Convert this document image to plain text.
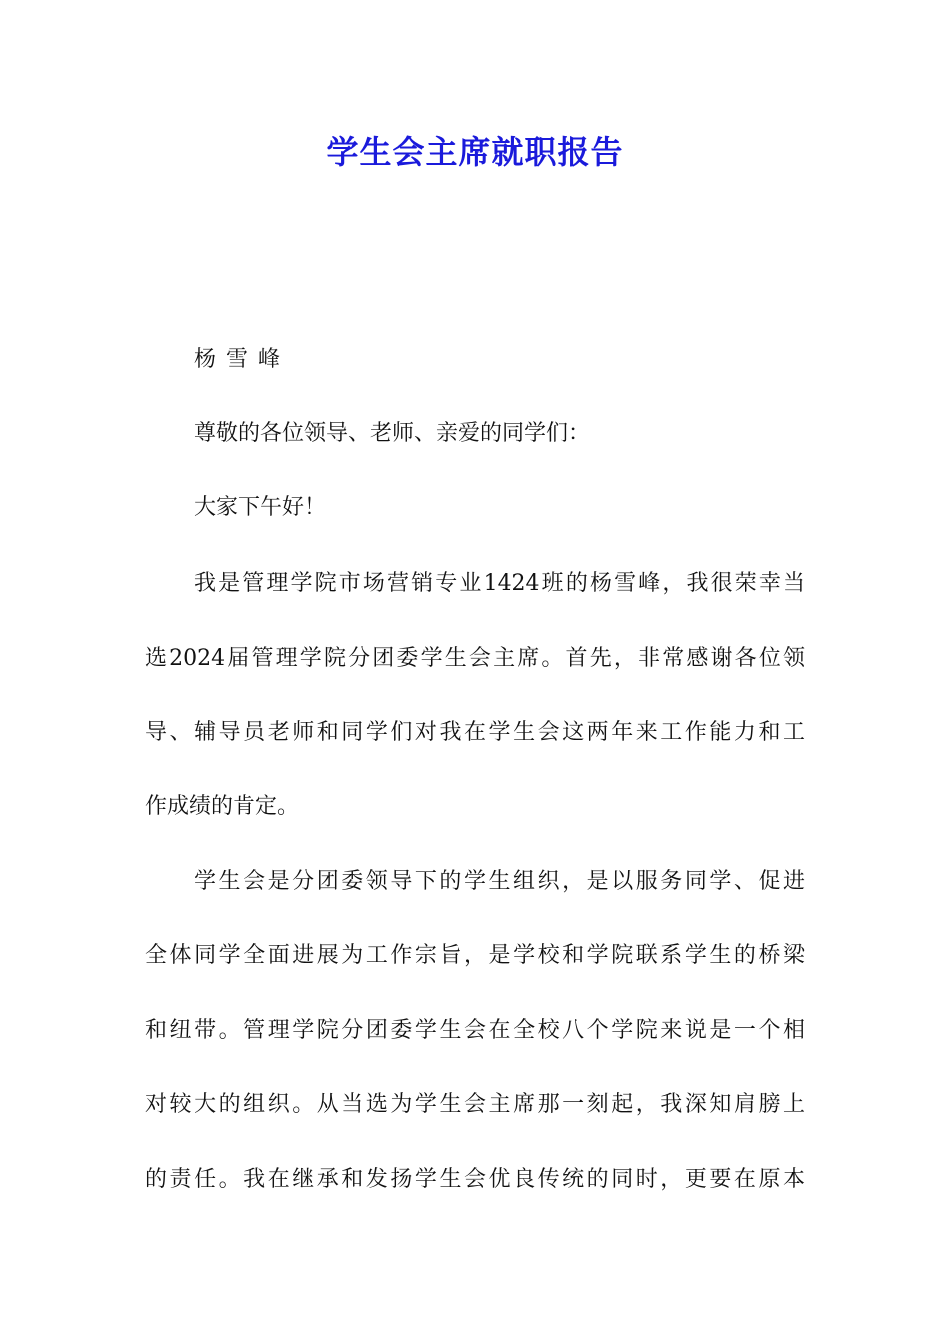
学生会主席就职报告

杨雪峰

尊敬的各位领导、老师、亲爱的同学们：

大家下午好！

我是管理学院市场营销专业1424班的杨雪峰，我很荣幸当

选2024届管理学院分团委学生会主席。首先，非常感谢各位领

导、辅导员老师和同学们对我在学生会这两年来工作能力和工

作成绩的肯定。

学生会是分团委领导下的学生组织，是以服务同学、促进

全体同学全面进展为工作宗旨，是学校和学院联系学生的桥梁

和纽带。管理学院分团委学生会在全校八个学院来说是一个相

对较大的组织。从当选为学生会主席那一刻起，我深知肩膀上

的责任。我在继承和发扬学生会优良传统的同时，更要在原本
